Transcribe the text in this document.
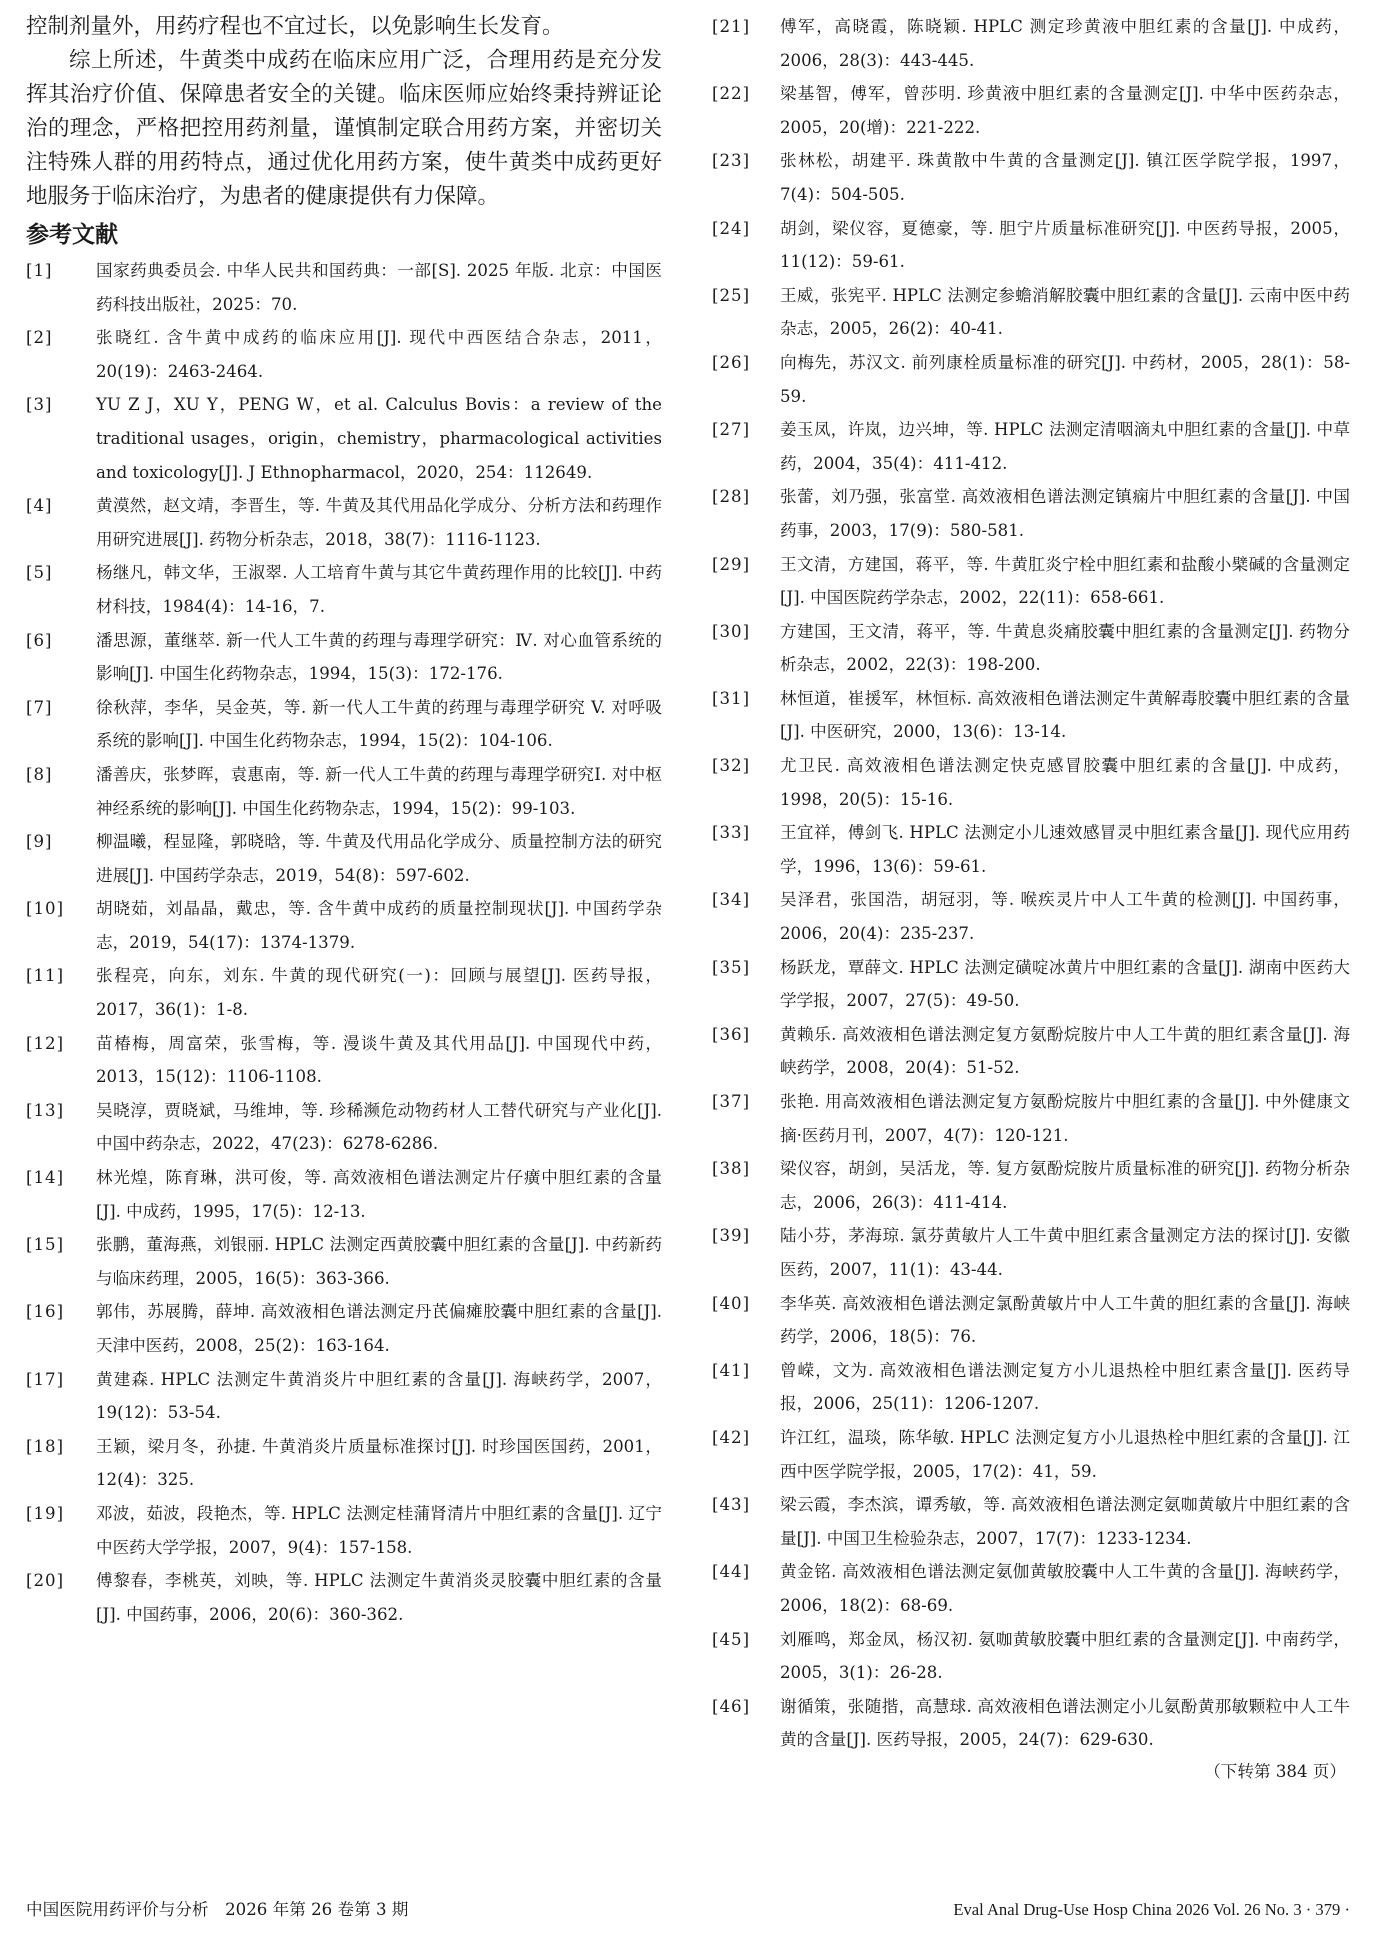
控制剂量外，用药疗程也不宜过长，以免影响生长发育。

综上所述，牛黄类中成药在临床应用广泛，合理用药是充分发挥其治疗价值、保障患者安全的关键。临床医师应始终秉持辨证论治的理念，严格把控用药剂量，谨慎制定联合用药方案，并密切关注特殊人群的用药特点，通过优化用药方案，使牛黄类中成药更好地服务于临床治疗，为患者的健康提供有力保障。

参考文献
[1]	国家药典委员会. 中华人民共和国药典：一部[S]. 2025 年版. 北京：中国医药科技出版社，2025：70.
[2]	张晓红. 含牛黄中成药的临床应用[J]. 现代中西医结合杂志，2011，20(19)：2463-2464.
[3]	YU Z J，XU Y，PENG W，et al. Calculus Bovis：a review of the traditional usages，origin，chemistry，pharmacological activities and toxicology[J]. J Ethnopharmacol，2020，254：112649.
[4]	黄漠然，赵文靖，李晋生，等. 牛黄及其代用品化学成分、分析方法和药理作用研究进展[J]. 药物分析杂志，2018，38(7)：1116-1123.
[5]	杨继凡，韩文华，王淑翠. 人工培育牛黄与其它牛黄药理作用的比较[J]. 中药材科技，1984(4)：14-16，7.
[6]	潘思源，董继萃. 新一代人工牛黄的药理与毒理学研究：Ⅳ. 对心血管系统的影响[J]. 中国生化药物杂志，1994，15(3)：172-176.
[7]	徐秋萍，李华，吴金英，等. 新一代人工牛黄的药理与毒理学研究 V. 对呼吸系统的影响[J]. 中国生化药物杂志，1994，15(2)：104-106.
[8]	潘善庆，张梦晖，袁惠南，等. 新一代人工牛黄的药理与毒理学研究Ⅰ. 对中枢神经系统的影响[J]. 中国生化药物杂志，1994，15(2)：99-103.
[9]	柳温曦，程显隆，郭晓晗，等. 牛黄及代用品化学成分、质量控制方法的研究进展[J]. 中国药学杂志，2019，54(8)：597-602.
[10] 胡晓茹，刘晶晶，戴忠，等. 含牛黄中成药的质量控制现状[J]. 中国药学杂志，2019，54(17)：1374-1379.
[11] 张程亮，向东，刘东. 牛黄的现代研究(一)：回顾与展望[J]. 医药导报，2017，36(1)：1-8.
[12] 苗椿梅，周富荣，张雪梅，等. 漫谈牛黄及其代用品[J]. 中国现代中药，2013，15(12)：1106-1108.
[13] 吴晓淳，贾晓斌，马维坤，等. 珍稀濒危动物药材人工替代研究与产业化[J]. 中国中药杂志，2022，47(23)：6278-6286.
[14] 林光煌，陈育琳，洪可俊，等. 高效液相色谱法测定片仔癀中胆红素的含量[J]. 中成药，1995，17(5)：12-13.
[15] 张鹏，董海燕，刘银丽. HPLC 法测定西黄胶囊中胆红素的含量[J]. 中药新药与临床药理，2005，16(5)：363-366.
[16] 郭伟，苏展腾，薛坤. 高效液相色谱法测定丹芪偏瘫胶囊中胆红素的含量[J]. 天津中医药，2008，25(2)：163-164.
[17] 黄建森. HPLC 法测定牛黄消炎片中胆红素的含量[J]. 海峡药学，2007，19(12)：53-54.
[18] 王颖，梁月冬，孙捷. 牛黄消炎片质量标准探讨[J]. 时珍国医国药，2001，12(4)：325.
[19] 邓波，茹波，段艳杰，等. HPLC 法测定桂蒲肾清片中胆红素的含量[J]. 辽宁中医药大学学报，2007，9(4)：157-158.
[20] 傅黎春，李桃英，刘映，等. HPLC 法测定牛黄消炎灵胶囊中胆红素的含量[J]. 中国药事，2006，20(6)：360-362.
[21] 傅军，高晓霞，陈晓颖. HPLC 测定珍黄液中胆红素的含量[J]. 中成药，2006，28(3)：443-445.
[22] 梁基智，傅军，曾莎明. 珍黄液中胆红素的含量测定[J]. 中华中医药杂志，2005，20(增)：221-222.
[23] 张林松，胡建平. 珠黄散中牛黄的含量测定[J]. 镇江医学院学报，1997，7(4)：504-505.
[24] 胡剑，梁仪容，夏德豪，等. 胆宁片质量标准研究[J]. 中医药导报，2005，11(12)：59-61.
[25] 王威，张宪平. HPLC 法测定参蟾消解胶囊中胆红素的含量[J]. 云南中医中药杂志，2005，26(2)：40-41.
[26] 向梅先，苏汉文. 前列康栓质量标准的研究[J]. 中药材，2005，28(1)：58-59.
[27] 姜玉凤，许岚，边兴坤，等. HPLC 法测定清咽滴丸中胆红素的含量[J]. 中草药，2004，35(4)：411-412.
[28] 张蕾，刘乃强，张富堂. 高效液相色谱法测定镇痫片中胆红素的含量[J]. 中国药事，2003，17(9)：580-581.
[29] 王文清，方建国，蒋平，等. 牛黄肛炎宁栓中胆红素和盐酸小檗碱的含量测定[J]. 中国医院药学杂志，2002，22(11)：658-661.
[30] 方建国，王文清，蒋平，等. 牛黄息炎痛胶囊中胆红素的含量测定[J]. 药物分析杂志，2002，22(3)：198-200.
[31] 林恒道，崔援军，林恒标. 高效液相色谱法测定牛黄解毒胶囊中胆红素的含量[J]. 中医研究，2000，13(6)：13-14.
[32] 尤卫民. 高效液相色谱法测定快克感冒胶囊中胆红素的含量[J]. 中成药，1998，20(5)：15-16.
[33] 王宜祥，傅剑飞. HPLC 法测定小儿速效感冒灵中胆红素含量[J]. 现代应用药学，1996，13(6)：59-61.
[34] 吴泽君，张国浩，胡冠羽，等. 喉疾灵片中人工牛黄的检测[J]. 中国药事，2006，20(4)：235-237.
[35] 杨跃龙，覃薛文. HPLC 法测定磺啶冰黄片中胆红素的含量[J]. 湖南中医药大学学报，2007，27(5)：49-50.
[36] 黄赖乐. 高效液相色谱法测定复方氨酚烷胺片中人工牛黄的胆红素含量[J]. 海峡药学，2008，20(4)：51-52.
[37] 张艳. 用高效液相色谱法测定复方氨酚烷胺片中胆红素的含量[J]. 中外健康文摘·医药月刊，2007，4(7)：120-121.
[38] 梁仪容，胡剑，吴活龙，等. 复方氨酚烷胺片质量标准的研究[J]. 药物分析杂志，2006，26(3)：411-414.
[39] 陆小芬，茅海琼. 氯芬黄敏片人工牛黄中胆红素含量测定方法的探讨[J]. 安徽医药，2007，11(1)：43-44.
[40] 李华英. 高效液相色谱法测定氯酚黄敏片中人工牛黄的胆红素的含量[J]. 海峡药学，2006，18(5)：76.
[41] 曾嵘，文为. 高效液相色谱法测定复方小儿退热栓中胆红素含量[J]. 医药导报，2006，25(11)：1206-1207.
[42] 许江红，温琰，陈华敏. HPLC 法测定复方小儿退热栓中胆红素的含量[J]. 江西中医学院学报，2005，17(2)：41，59.
[43] 梁云霞，李杰滨，谭秀敏，等. 高效液相色谱法测定氨咖黄敏片中胆红素的含量[J]. 中国卫生检验杂志，2007，17(7)：1233-1234.
[44] 黄金铭. 高效液相色谱法测定氨伽黄敏胶囊中人工牛黄的含量[J]. 海峡药学，2006，18(2)：68-69.
[45] 刘雁鸣，郑金凤，杨汉初. 氨咖黄敏胶囊中胆红素的含量测定[J]. 中南药学，2005，3(1)：26-28.
[46] 谢循策，张随揩，高慧球. 高效液相色谱法测定小儿氨酚黄那敏颗粒中人工牛黄的含量[J]. 医药导报，2005，24(7)：629-630.
（下转第 384 页）
中国医院用药评价与分析　2026 年第 26 卷第 3 期	Eval Anal Drug-Use Hosp China 2026 Vol. 26 No. 3 · 379 ·
